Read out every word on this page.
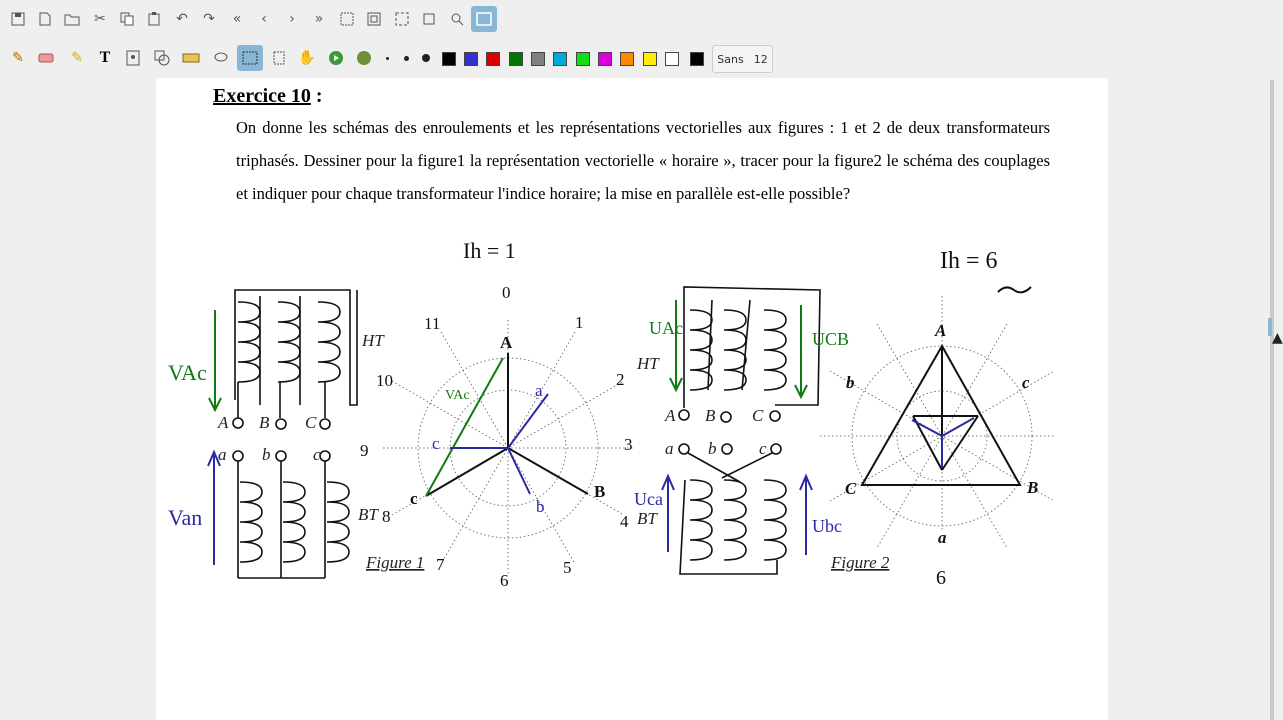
✂	↶	↷	«	‹	›	»
✎	✎	T	✋	Sans 12
Exercice 10 :
On donne les schémas des enroulements et les représentations vectorielles aux figures : 1 et 2 de deux transformateurs triphasés. Dessiner pour la figure1 la représentation vectorielle « horaire », tracer pour la figure2 le schéma des couplages et indiquer pour chaque transformateur l'indice horaire; la mise en parallèle est-elle possible?
HT
A B C
a b	c
BT
Figure 1
VAc
Van
A
B
c
a
b
c
VAc
0
1
2
3
4
5
6
7
8
9
10
11
Ih = 1
HT
A B C
a b	c
BT
Figure 2
UAc
UCB
Uca
Ubc
A
B
C
b	c
a
Ih = 6
6
▲
